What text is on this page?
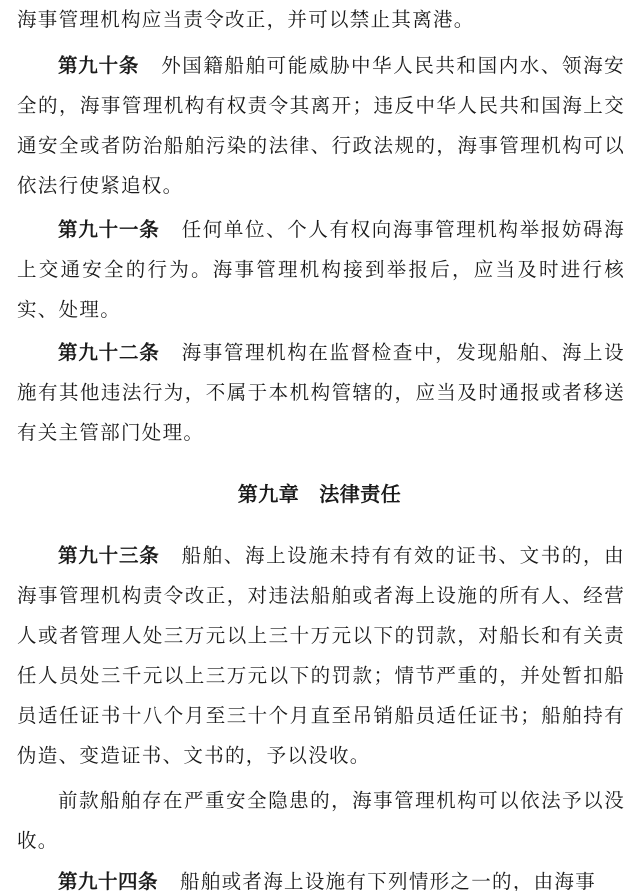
海事管理机构应当责令改正，并可以禁止其离港。

第九十条 外国籍船舶可能威胁中华人民共和国内水、领海安全的，海事管理机构有权责令其离开；违反中华人民共和国海上交通安全或者防治船舶污染的法律、行政法规的，海事管理机构可以依法行使紧追权。

第九十一条 任何单位、个人有权向海事管理机构举报妨碍海上交通安全的行为。海事管理机构接到举报后，应当及时进行核实、处理。

第九十二条 海事管理机构在监督检查中，发现船舶、海上设施有其他违法行为，不属于本机构管辖的，应当及时通报或者移送有关主管部门处理。

第九章 法律责任

第九十三条 船舶、海上设施未持有有效的证书、文书的，由海事管理机构责令改正，对违法船舶或者海上设施的所有人、经营人或者管理人处三万元以上三十万元以下的罚款，对船长和有关责任人员处三千元以上三万元以下的罚款；情节严重的，并处暂扣船员适任证书十八个月至三十个月直至吊销船员适任证书；船舶持有伪造、变造证书、文书的，予以没收。

前款船舶存在严重安全隐患的，海事管理机构可以依法予以没收。

第九十四条 船舶或者海上设施有下列情形之一的，由海事
